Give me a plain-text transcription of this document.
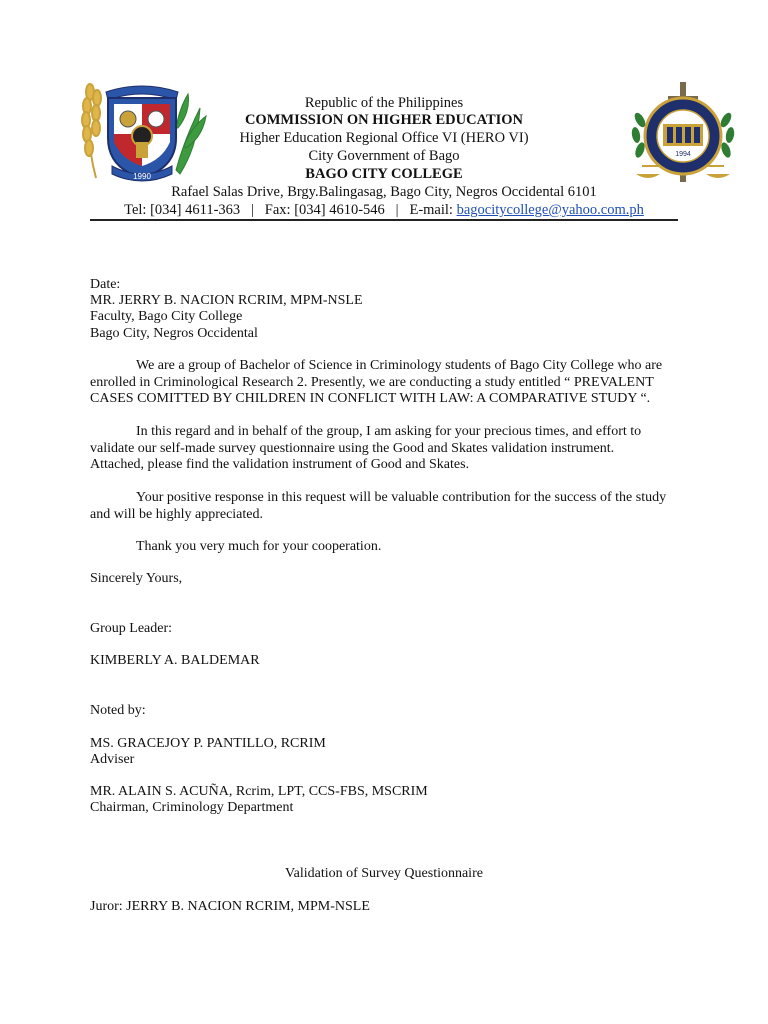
1990
1994
Republic of the Philippines
COMMISSION ON HIGHER EDUCATION
Higher Education Regional Office VI (HERO VI)
City Government of Bago
BAGO CITY COLLEGE
Rafael Salas Drive, Brgy.Balingasag, Bago City, Negros Occidental 6101
Tel: [034] 4611-363   |   Fax: [034] 4610-546   |   E-mail: bagocitycollege@yahoo.com.ph
Date:
MR. JERRY B. NACION RCRIM, MPM-NSLE
Faculty, Bago City College
Bago City, Negros Occidental
We are a group of Bachelor of Science in Criminology students of Bago City College who are enrolled in Criminological Research 2. Presently, we are conducting a study entitled “ PREVALENT CASES COMITTED BY CHILDREN IN CONFLICT WITH LAW: A COMPARATIVE STUDY “.
In this regard and in behalf of the group, I am asking for your precious times, and effort to validate our self-made survey questionnaire using the Good and Skates validation instrument. Attached, please find the validation instrument of Good and Skates.
Your positive response in this request will be valuable contribution for the success of the study and will be highly appreciated.
Thank you very much for your cooperation.
Sincerely Yours,
Group Leader:
KIMBERLY A. BALDEMAR
Noted by:
MS. GRACEJOY P. PANTILLO, RCRIM
Adviser
MR. ALAIN S. ACUÑA, Rcrim, LPT, CCS-FBS, MSCRIM
Chairman, Criminology Department
Validation of Survey Questionnaire
Juror: JERRY B. NACION RCRIM, MPM-NSLE
